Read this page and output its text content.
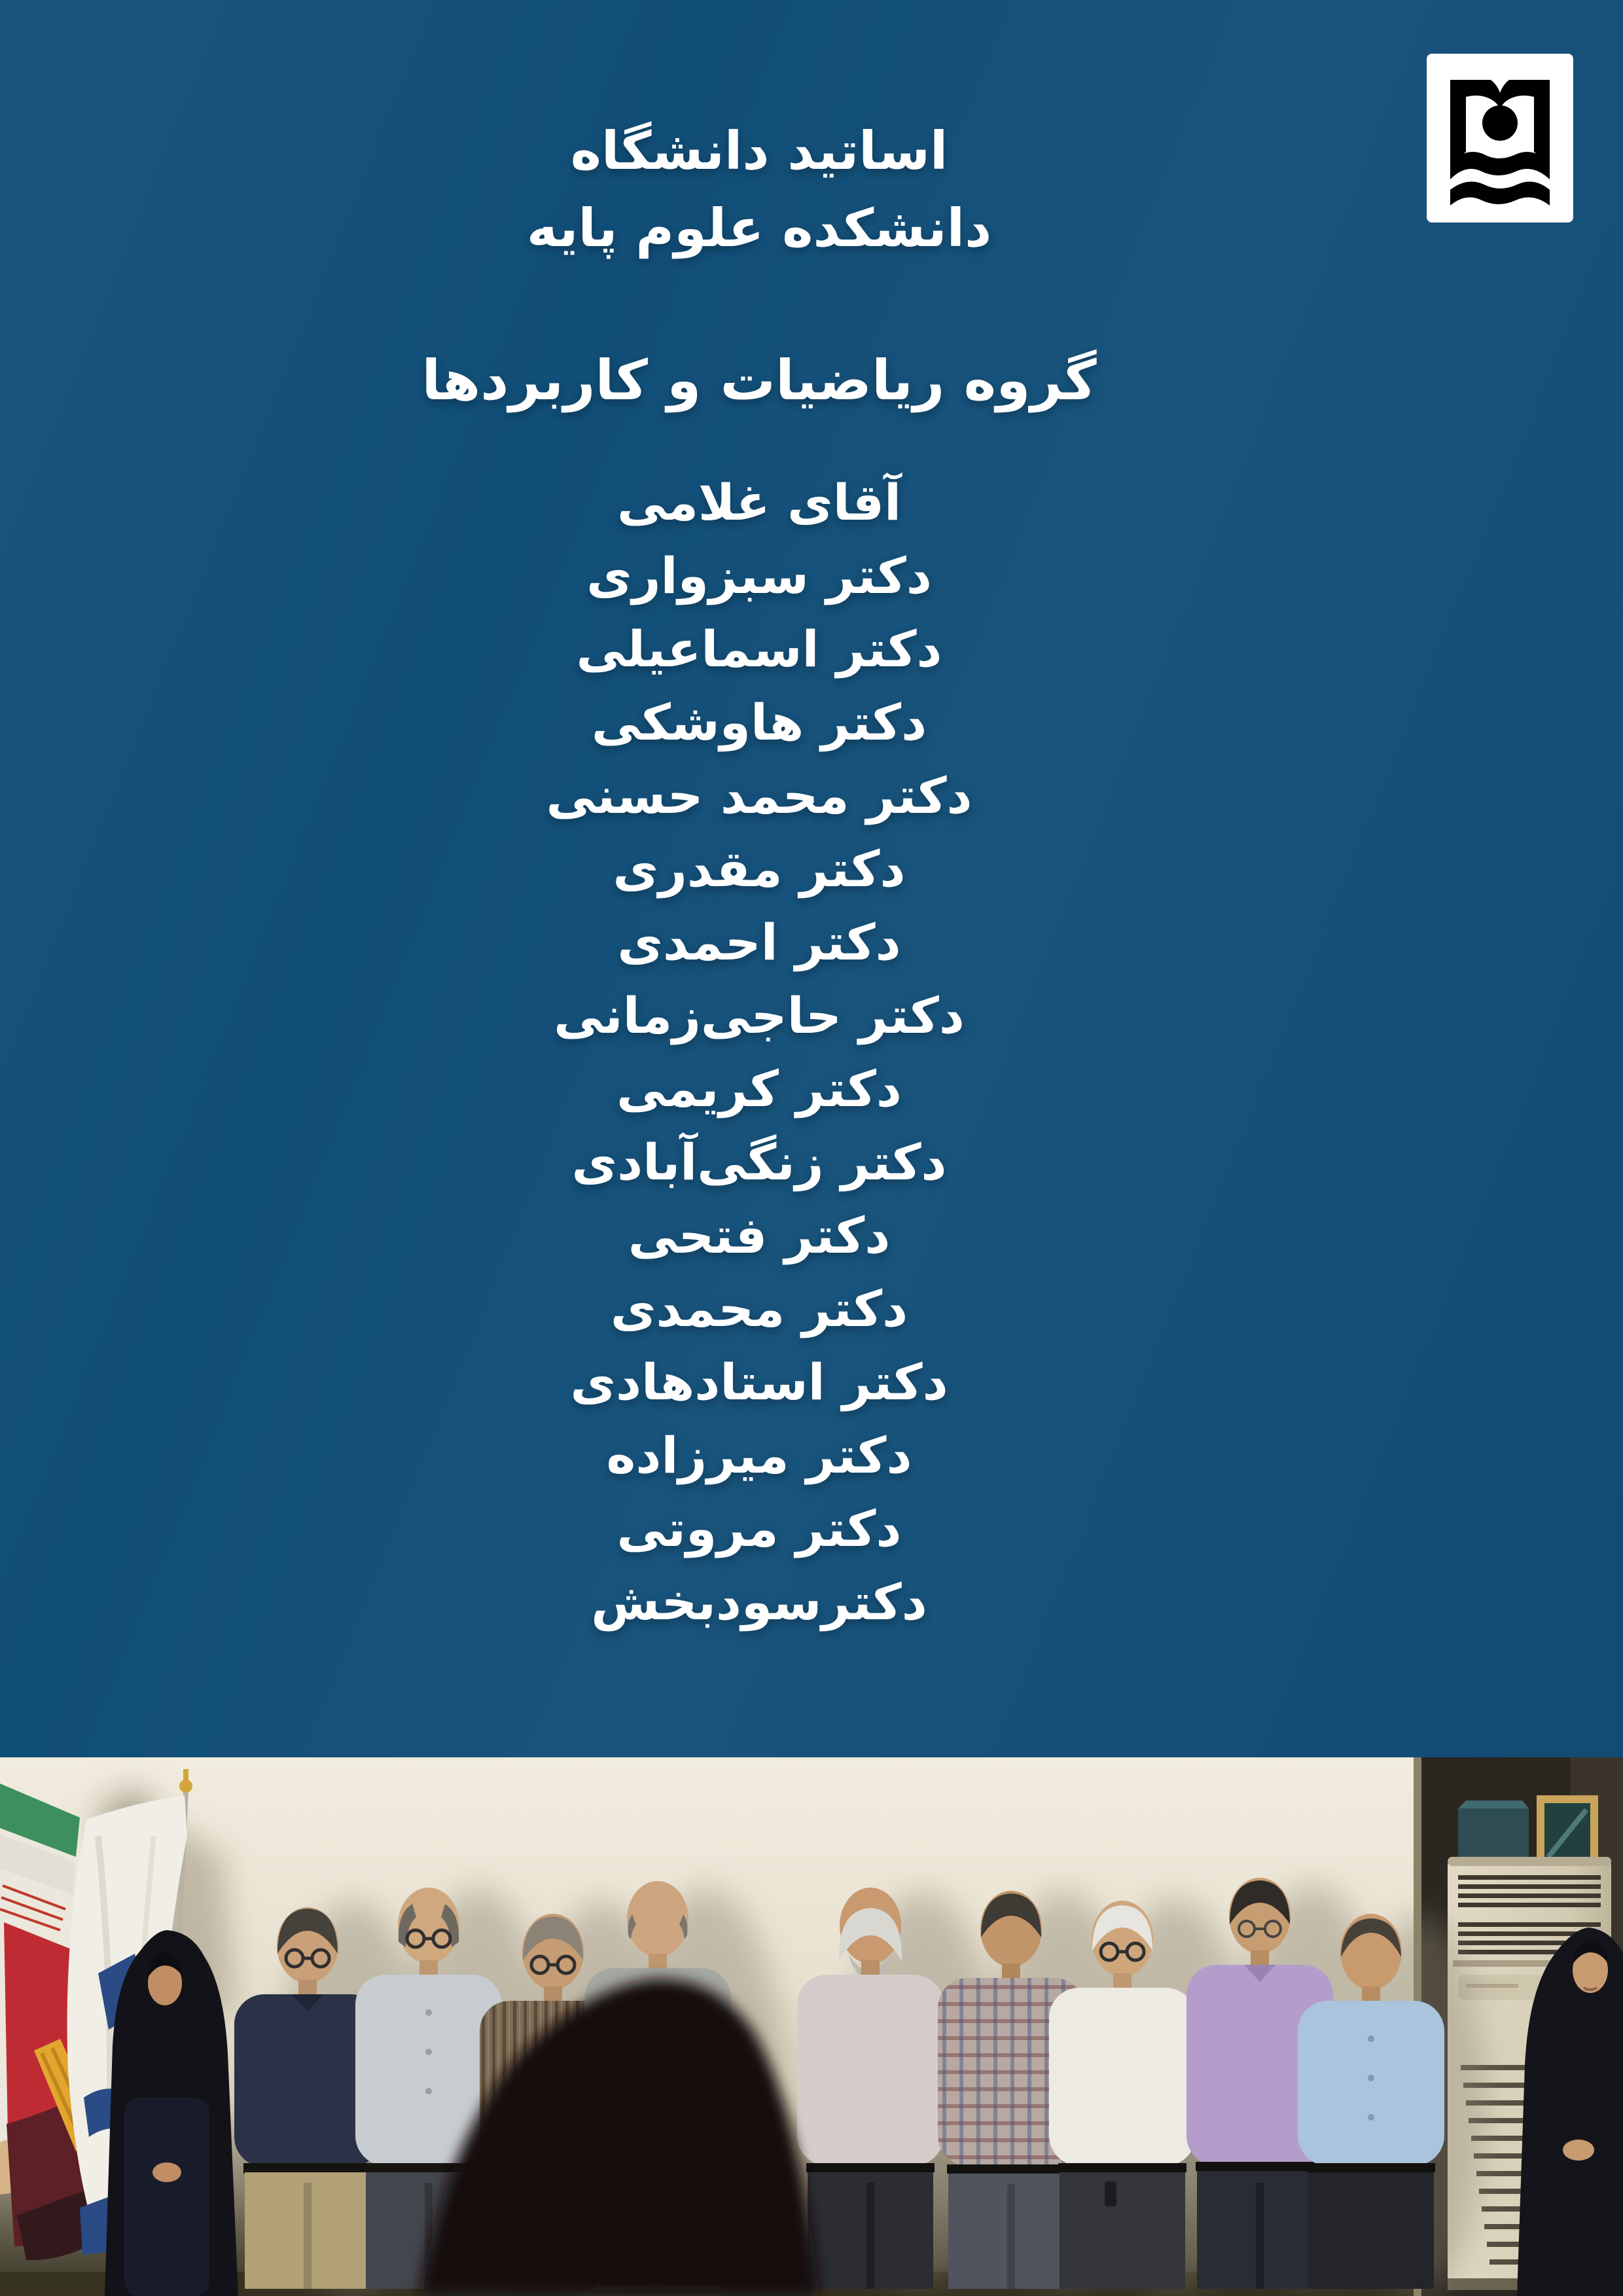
اساتید دانشگاه
دانشکده علوم پایه
گروه ریاضیات و کاربردها
آقای غلامی
دکتر سبزواری
دکتر اسماعیلی
دکتر هاوشکی
دکتر محمد حسنی
دکتر مقدری
دکتر احمدی
دکتر حاجی‌زمانی
دکتر کریمی
دکتر زنگی‌آبادی
دکتر فتحی
دکتر محمدی
دکتر استادهادی
دکتر میرزاده
دکتر مروتی
دکترسودبخش
